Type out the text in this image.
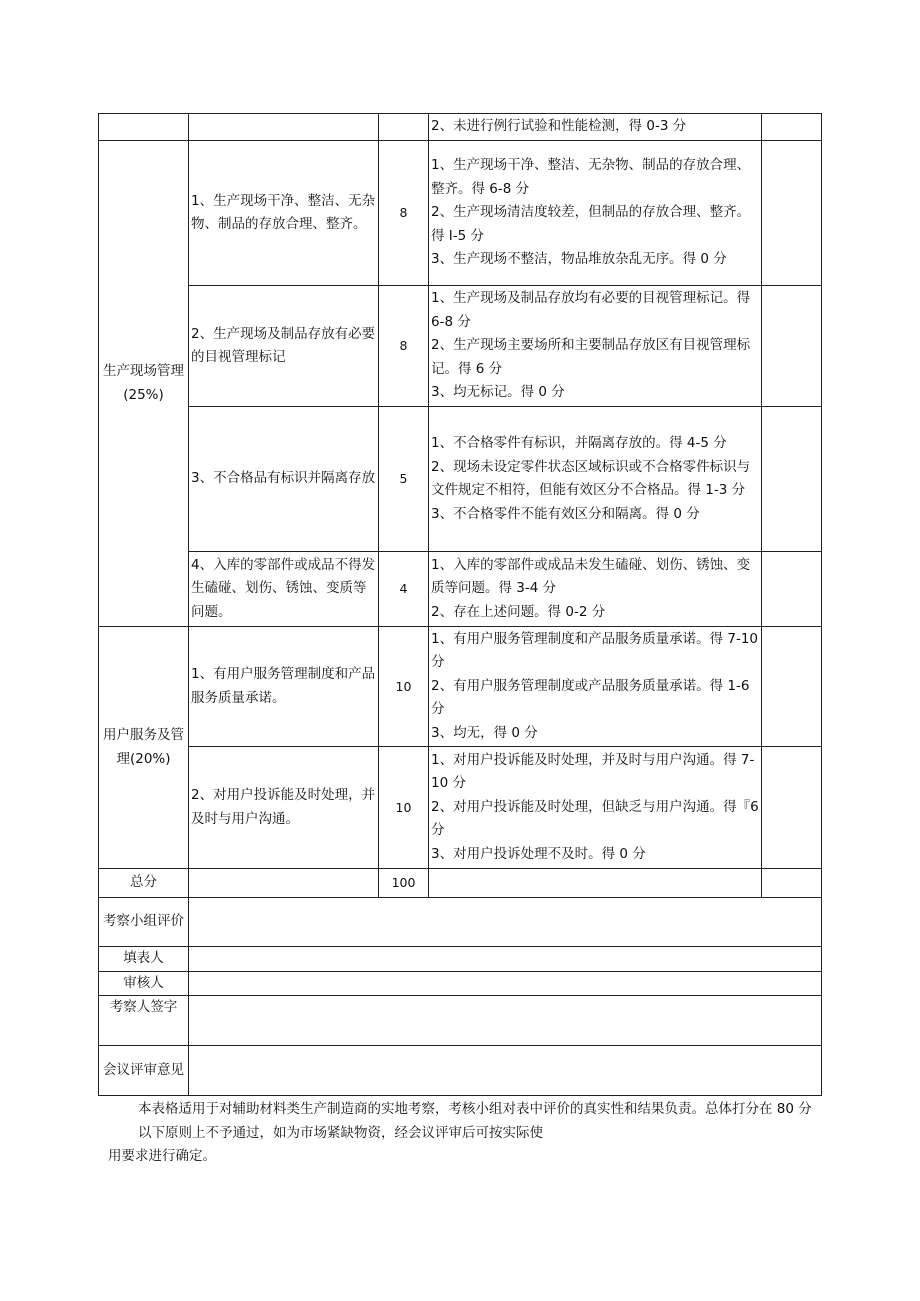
			2、未进行例行试验和性能检测，得 0-3 分	

生产现场管理(25%)	1、生产现场干净、整洁、无杂物、制品的存放合理、整齐。	8	1、生产现场干净、整洁、无杂物、制品的存放合理、整齐。得 6-8 分
2、生产现场清洁度较差，但制品的存放合理、整齐。得 I-5 分
3、生产现场不整洁，物品堆放杂乱无序。得 0 分	

	2、生产现场及制品存放有必要的目视管理标记	8	1、生产现场及制品存放均有必要的目视管理标记。得 6-8 分
2、生产现场主要场所和主要制品存放区有目视管理标记。得 6 分
3、均无标记。得 0 分	

	3、不合格品有标识并隔离存放	5	1、不合格零件有标识，并隔离存放的。得 4-5 分
2、现场未设定零件状态区域标识或不合格零件标识与文件规定不相符，但能有效区分不合格品。得 1-3 分
3、不合格零件不能有效区分和隔离。得 0 分	

	4、入库的零部件或成品不得发生磕碰、划伤、锈蚀、变质等问题。	4	1、入库的零部件或成品未发生磕碰、划伤、锈蚀、变质等问题。得 3-4 分
2、存在上述问题。得 0-2 分	

用户服务及管理(20%)	1、有用户服务管理制度和产品服务质量承诺。	10	1、有用户服务管理制度和产品服务质量承诺。得 7-10 分
2、有用户服务管理制度或产品服务质量承诺。得 1-6 分
3、均无，得 0 分	

	2、对用户投诉能及时处理，并及时与用户沟通。	10	1、对用户投诉能及时处理，并及时与用户沟通。得 7-10 分
2、对用户投诉能及时处理，但缺乏与用户沟通。得『6 分
3、对用户投诉处理不及时。得 0 分	

总分		100		
考察小组评价				
填表人				
审核人				
考察人签字				
会议评审意见				
本表格适用于对辅助材料类生产制造商的实地考察，考核小组对表中评价的真实性和结果负责。总体打分在 80 分以下原则上不予通过，如为市场紧缺物资，经会议评审后可按实际使
用要求进行确定。
